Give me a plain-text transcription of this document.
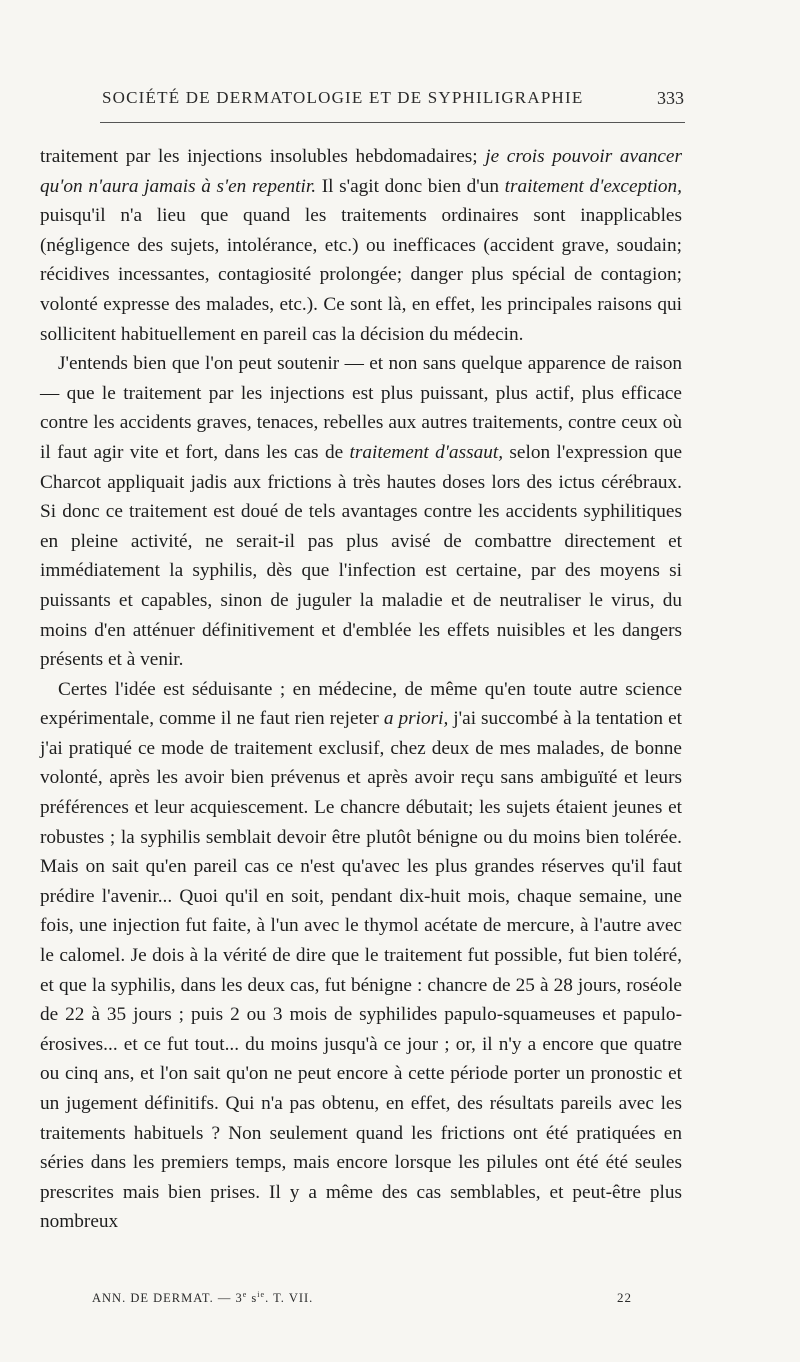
SOCIÉTÉ DE DERMATOLOGIE ET DE SYPHILIGRAPHIE	333

traitement par les injections insolubles hebdomadaires; je crois pouvoir avancer qu'on n'aura jamais à s'en repentir. Il s'agit donc bien d'un traitement d'exception, puisqu'il n'a lieu que quand les traitements ordinaires sont inapplicables (négligence des sujets, intolérance, etc.) ou inefficaces (accident grave, soudain; récidives incessantes, contagiosité prolongée; danger plus spécial de contagion; volonté expresse des malades, etc.). Ce sont là, en effet, les principales raisons qui sollicitent habituellement en pareil cas la décision du médecin.

J'entends bien que l'on peut soutenir — et non sans quelque apparence de raison — que le traitement par les injections est plus puissant, plus actif, plus efficace contre les accidents graves, tenaces, rebelles aux autres traitements, contre ceux où il faut agir vite et fort, dans les cas de traitement d'assaut, selon l'expression que Charcot appliquait jadis aux frictions à très hautes doses lors des ictus cérébraux. Si donc ce traitement est doué de tels avantages contre les accidents syphilitiques en pleine activité, ne serait-il pas plus avisé de combattre directement et immédiatement la syphilis, dès que l'infection est certaine, par des moyens si puissants et capables, sinon de juguler la maladie et de neutraliser le virus, du moins d'en atténuer définitivement et d'emblée les effets nuisibles et les dangers présents et à venir.

Certes l'idée est séduisante ; en médecine, de même qu'en toute autre science expérimentale, comme il ne faut rien rejeter a priori, j'ai succombé à la tentation et j'ai pratiqué ce mode de traitement exclusif, chez deux de mes malades, de bonne volonté, après les avoir bien prévenus et après avoir reçu sans ambiguïté et leurs préférences et leur acquiescement. Le chancre débutait; les sujets étaient jeunes et robustes ; la syphilis semblait devoir être plutôt bénigne ou du moins bien tolérée. Mais on sait qu'en pareil cas ce n'est qu'avec les plus grandes réserves qu'il faut prédire l'avenir... Quoi qu'il en soit, pendant dix-huit mois, chaque semaine, une fois, une injection fut faite, à l'un avec le thymol acétate de mercure, à l'autre avec le calomel. Je dois à la vérité de dire que le traitement fut possible, fut bien toléré, et que la syphilis, dans les deux cas, fut bénigne : chancre de 25 à 28 jours, roséole de 22 à 35 jours ; puis 2 ou 3 mois de syphilides papulo-squameuses et papulo-érosives... et ce fut tout... du moins jusqu'à ce jour ; or, il n'y a encore que quatre ou cinq ans, et l'on sait qu'on ne peut encore à cette période porter un pronostic et un jugement définitifs. Qui n'a pas obtenu, en effet, des résultats pareils avec les traitements habituels ? Non seulement quand les frictions ont été pratiquées en séries dans les premiers temps, mais encore lorsque les pilules ont été été seules prescrites mais bien prises. Il y a même des cas semblables, et peut-être plus nombreux

ANN. DE DERMAT. — 3e $s^{ie}$. T. VII.	22
